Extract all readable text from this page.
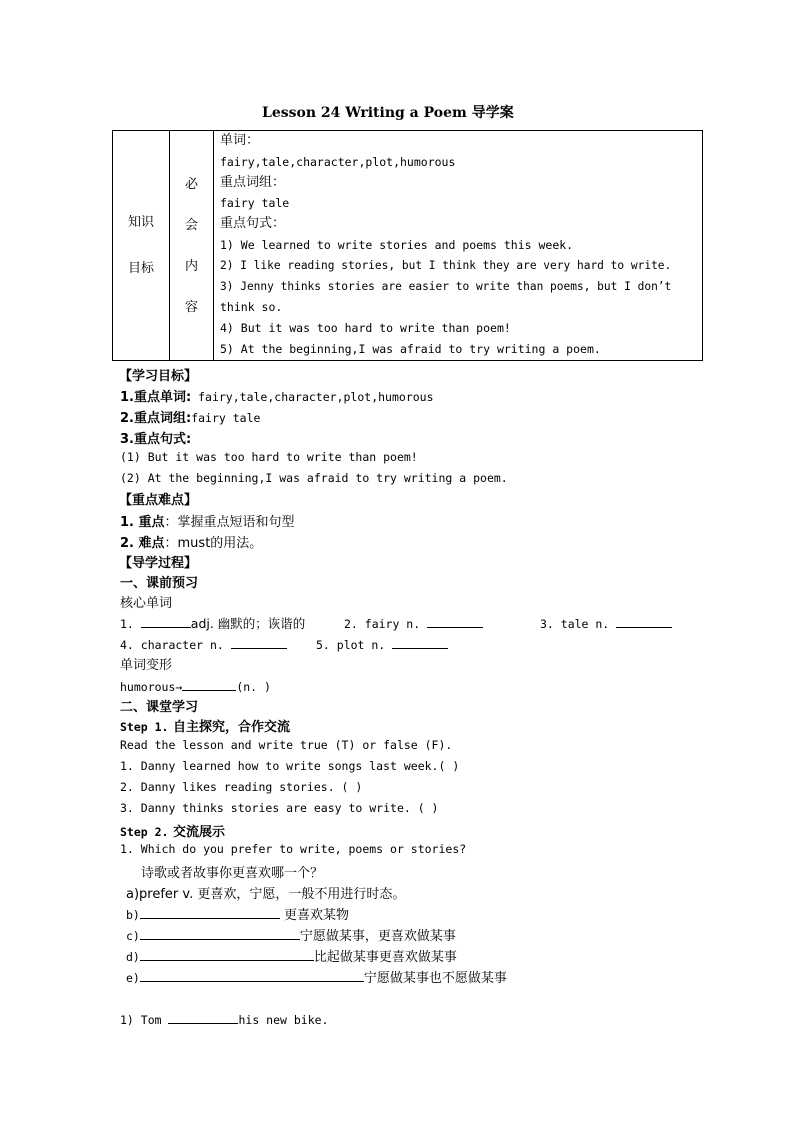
Lesson 24 Writing a Poem 导学案
知识
目标

必
会
内
容

单词：
fairy,tale,character,plot,humorous
重点词组：
fairy tale
重点句式：
1) We learned to write stories and poems this week.
2) I like reading stories, but I think they are very hard to write.
3) Jenny thinks stories are easier to write than poems, but I don’t
think so.
4) But it was too hard to write than poem!
5) At the beginning,I was afraid to try writing a poem.
【学习目标】
1.重点单词: fairy,tale,character,plot,humorous
2.重点词组:fairy tale
3.重点句式:
(1) But it was too hard to write than poem!
(2) At the beginning,I was afraid to try writing a poem.
【重点难点】
1. 重点：掌握重点短语和句型
2. 难点：must的用法。
【导学过程】
一、课前预习
核心单词
1.	adj. 幽默的；诙谐的	2. fairy n.	3. tale n.
4. character n.	5. plot n.
单词变形
humorous→	(n. )
二、课堂学习
Step 1. 自主探究，合作交流
Read the lesson and write true (T) or false (F).
1. Danny learned how to write songs last week.( )
2. Danny likes reading stories. ( )
3. Danny thinks stories are easy to write. ( )
Step 2. 交流展示
1. Which do you prefer to write, poems or stories?
诗歌或者故事你更喜欢哪一个？
a)prefer v. 更喜欢，宁愿，一般不用进行时态。
b)	更喜欢某物
c)	宁愿做某事，更喜欢做某事
d)	比起做某事更喜欢做某事
e)	宁愿做某事也不愿做某事
1) Tom	his new bike.
